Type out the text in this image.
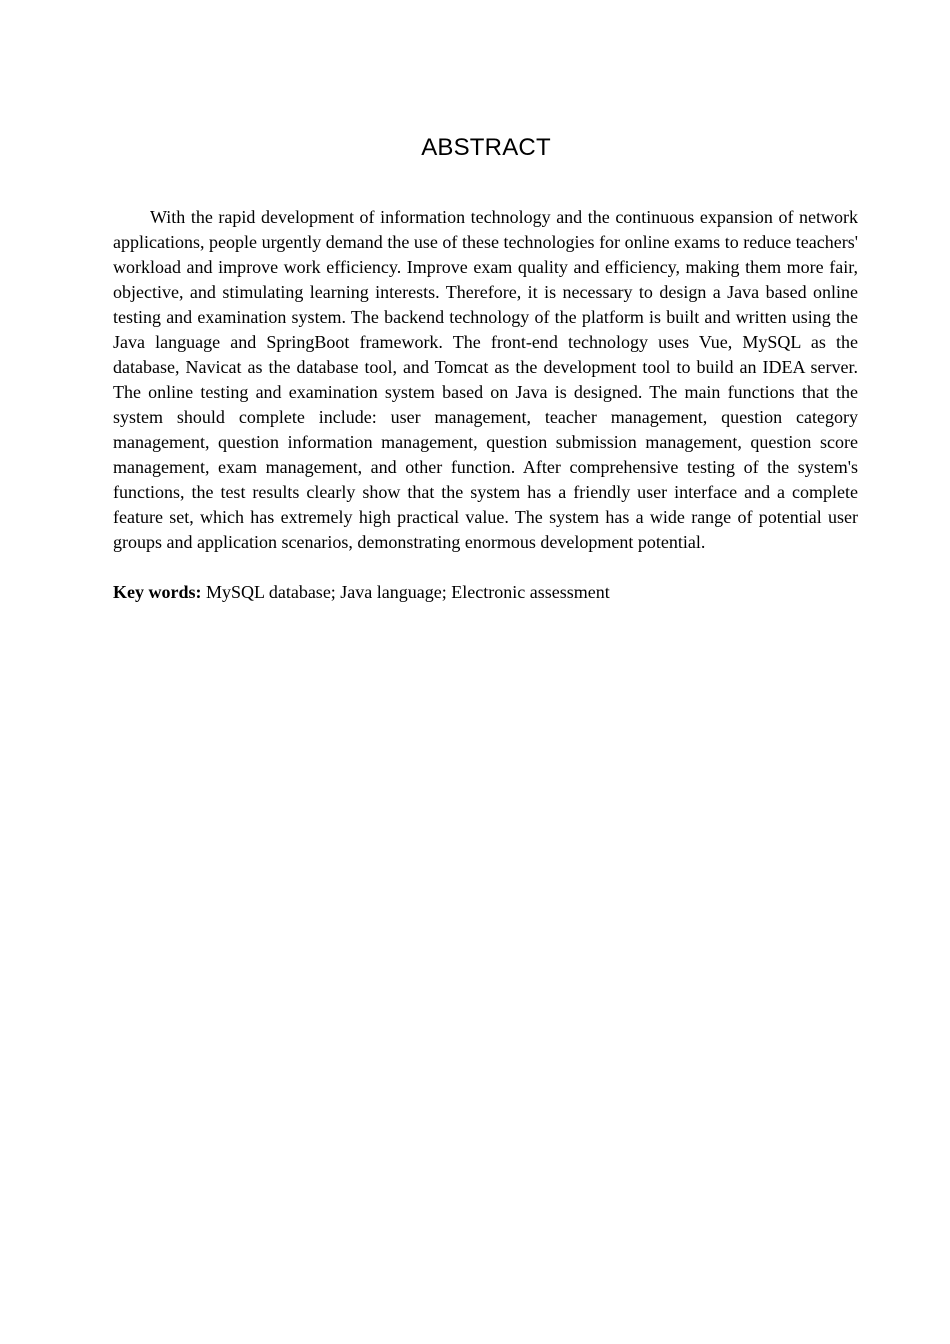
ABSTRACT

With the rapid development of information technology and the continuous expansion of network applications, people urgently demand the use of these technologies for online exams to reduce teachers' workload and improve work efficiency. Improve exam quality and efficiency, making them more fair, objective, and stimulating learning interests. Therefore, it is necessary to design a Java based online testing and examination system. The backend technology of the platform is built and written using the Java language and SpringBoot framework. The front-end technology uses Vue, MySQL as the database, Navicat as the database tool, and Tomcat as the development tool to build an IDEA server. The online testing and examination system based on Java is designed. The main functions that the system should complete include: user management, teacher management, question category management, question information management, question submission management, question score management, exam management, and other function. After comprehensive testing of the system's functions, the test results clearly show that the system has a friendly user interface and a complete feature set, which has extremely high practical value. The system has a wide range of potential user groups and application scenarios, demonstrating enormous development potential.

Key words: MySQL database; Java language; Electronic assessment
